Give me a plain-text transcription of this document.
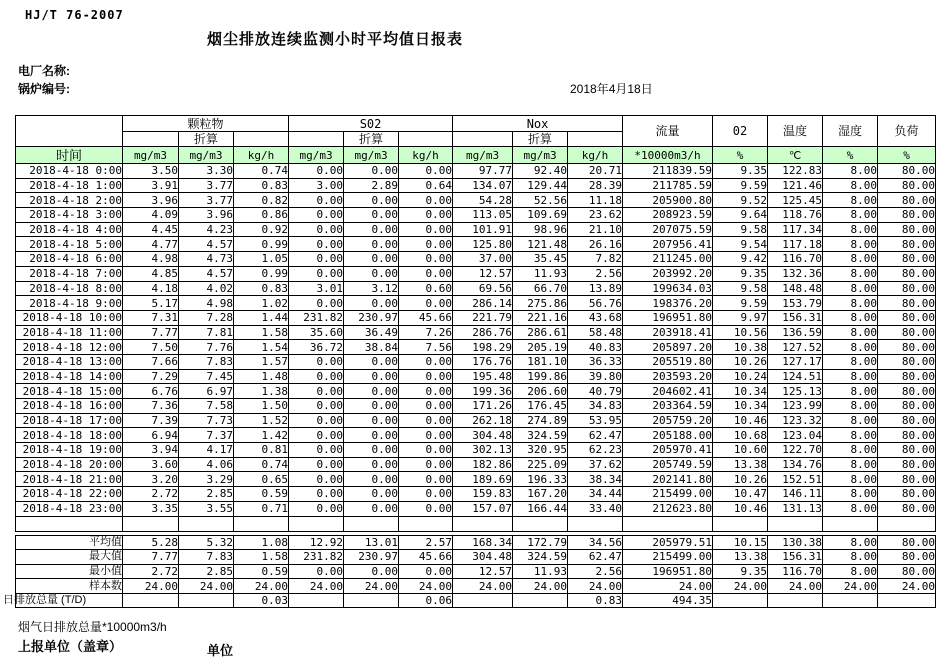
HJ/T 76-2007
烟尘排放连续监测小时平均值日报表
电厂名称:
锅炉编号:	2018年4月18日
	颗粒物			S02			Nox			流量	02	温度	湿度	负荷
		折算			折算			折算						
时间	mg/m3	mg/m3	kg/h	mg/m3	mg/m3	kg/h	mg/m3	mg/m3	kg/h	*10000m3/h	%	℃	%	%
2018-4-18 0:00	3.50	3.30	0.74	0.00	0.00	0.00	97.77	92.40	20.71	211839.59	9.35	122.83	8.00	80.00
2018-4-18 1:00	3.91	3.77	0.83	3.00	2.89	0.64	134.07	129.44	28.39	211785.59	9.59	121.46	8.00	80.00
2018-4-18 2:00	3.96	3.77	0.82	0.00	0.00	0.00	54.28	52.56	11.18	205900.80	9.52	125.45	8.00	80.00
2018-4-18 3:00	4.09	3.96	0.86	0.00	0.00	0.00	113.05	109.69	23.62	208923.59	9.64	118.76	8.00	80.00
2018-4-18 4:00	4.45	4.23	0.92	0.00	0.00	0.00	101.91	98.96	21.10	207075.59	9.58	117.34	8.00	80.00
2018-4-18 5:00	4.77	4.57	0.99	0.00	0.00	0.00	125.80	121.48	26.16	207956.41	9.54	117.18	8.00	80.00
2018-4-18 6:00	4.98	4.73	1.05	0.00	0.00	0.00	37.00	35.45	7.82	211245.00	9.42	116.70	8.00	80.00
2018-4-18 7:00	4.85	4.57	0.99	0.00	0.00	0.00	12.57	11.93	2.56	203992.20	9.35	132.36	8.00	80.00
2018-4-18 8:00	4.18	4.02	0.83	3.01	3.12	0.60	69.56	66.70	13.89	199634.03	9.58	148.48	8.00	80.00
2018-4-18 9:00	5.17	4.98	1.02	0.00	0.00	0.00	286.14	275.86	56.76	198376.20	9.59	153.79	8.00	80.00
2018-4-18 10:00	7.31	7.28	1.44	231.82	230.97	45.66	221.79	221.16	43.68	196951.80	9.97	156.31	8.00	80.00
2018-4-18 11:00	7.77	7.81	1.58	35.60	36.49	7.26	286.76	286.61	58.48	203918.41	10.56	136.59	8.00	80.00
2018-4-18 12:00	7.50	7.76	1.54	36.72	38.84	7.56	198.29	205.19	40.83	205897.20	10.38	127.52	8.00	80.00
2018-4-18 13:00	7.66	7.83	1.57	0.00	0.00	0.00	176.76	181.10	36.33	205519.80	10.26	127.17	8.00	80.00
2018-4-18 14:00	7.29	7.45	1.48	0.00	0.00	0.00	195.48	199.86	39.80	203593.20	10.24	124.51	8.00	80.00
2018-4-18 15:00	6.76	6.97	1.38	0.00	0.00	0.00	199.36	206.60	40.79	204602.41	10.34	125.13	8.00	80.00
2018-4-18 16:00	7.36	7.58	1.50	0.00	0.00	0.00	171.26	176.45	34.83	203364.59	10.34	123.99	8.00	80.00
2018-4-18 17:00	7.39	7.73	1.52	0.00	0.00	0.00	262.18	274.89	53.95	205759.20	10.46	123.32	8.00	80.00
2018-4-18 18:00	6.94	7.37	1.42	0.00	0.00	0.00	304.48	324.59	62.47	205188.00	10.68	123.04	8.00	80.00
2018-4-18 19:00	3.94	4.17	0.81	0.00	0.00	0.00	302.13	320.95	62.23	205970.41	10.60	122.70	8.00	80.00
2018-4-18 20:00	3.60	4.06	0.74	0.00	0.00	0.00	182.86	225.09	37.62	205749.59	13.38	134.76	8.00	80.00
2018-4-18 21:00	3.20	3.29	0.65	0.00	0.00	0.00	189.69	196.33	38.34	202141.80	10.26	152.51	8.00	80.00
2018-4-18 22:00	2.72	2.85	0.59	0.00	0.00	0.00	159.83	167.20	34.44	215499.00	10.47	146.11	8.00	80.00
2018-4-18 23:00	3.35	3.55	0.71	0.00	0.00	0.00	157.07	166.44	33.40	212623.80	10.46	131.13	8.00	80.00

平均值	5.28	5.32	1.08	12.92	13.01	2.57	168.34	172.79	34.56	205979.51	10.15	130.38	8.00	80.00
最大值	7.77	7.83	1.58	231.82	230.97	45.66	304.48	324.59	62.47	215499.00	13.38	156.31	8.00	80.00
最小值	2.72	2.85	0.59	0.00	0.00	0.00	12.57	11.93	2.56	196951.80	9.35	116.70	8.00	80.00
样本数	24.00	24.00	24.00	24.00	24.00	24.00	24.00	24.00	24.00	24.00	24.00	24.00	24.00	24.00
日排放总量 (T/D)			0.03			0.06			0.83	494.35				
烟气日排放总量*10000m3/h
上报单位（盖章）	单位
